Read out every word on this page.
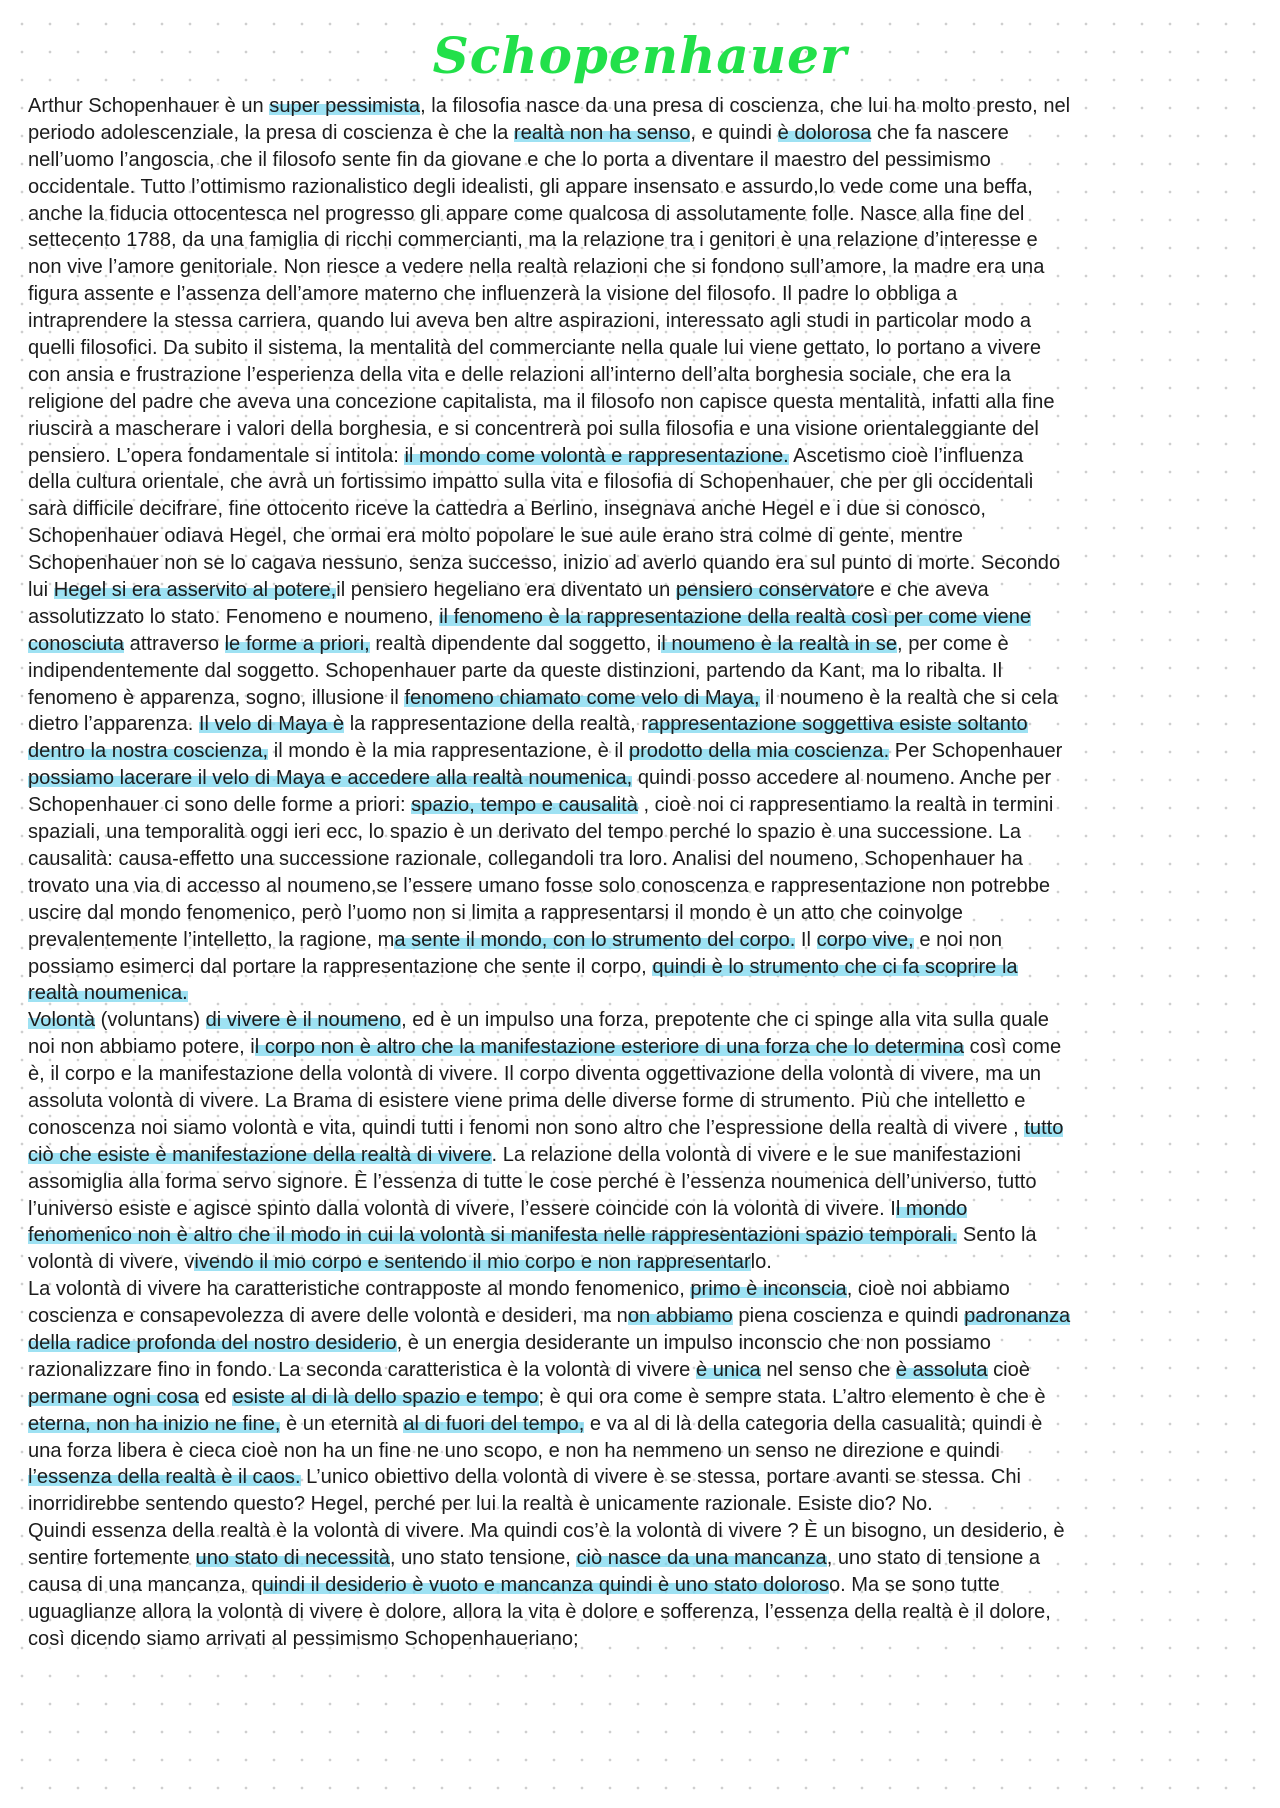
Schopenhauer
Arthur Schopenhauer è un super pessimista, la filosofia nasce da una presa di coscienza, che lui ha molto presto, nel
periodo adolescenziale, la presa di coscienza è che la realtà non ha senso, e quindi è dolorosa che fa nascere
nell’uomo l’angoscia, che il filosofo sente fin da giovane e che lo porta a diventare il maestro del pessimismo
occidentale. Tutto l’ottimismo razionalistico degli idealisti, gli appare insensato e assurdo,lo vede come una beffa,
anche la fiducia ottocentesca nel progresso gli appare come qualcosa di assolutamente folle. Nasce alla fine del
settecento 1788, da una famiglia di ricchi commercianti, ma la relazione tra i genitori è una relazione d’interesse e
non vive l’amore genitoriale. Non riesce a vedere nella realtà relazioni che si fondono sull’amore, la madre era una
figura assente e l’assenza dell’amore materno che influenzerà la visione del filosofo. Il padre lo obbliga a
intraprendere la stessa carriera, quando lui aveva ben altre aspirazioni, interessato agli studi in particolar modo a
quelli filosofici. Da subito il sistema, la mentalità del commerciante nella quale lui viene gettato, lo portano a vivere
con ansia e frustrazione l’esperienza della vita e delle relazioni all’interno dell’alta borghesia sociale, che era la
religione del padre che aveva una concezione capitalista, ma il filosofo non capisce questa mentalità, infatti alla fine
riuscirà a mascherare i valori della borghesia, e si concentrerà poi sulla filosofia e una visione orientaleggiante del
pensiero. L’opera fondamentale si intitola: il mondo come volontà e rappresentazione. Ascetismo cioè l’influenza
della cultura orientale, che avrà un fortissimo impatto sulla vita e filosofia di Schopenhauer, che per gli occidentali
sarà difficile decifrare, fine ottocento riceve la cattedra a Berlino, insegnava anche Hegel e i due si conosco,
Schopenhauer odiava Hegel, che ormai era molto popolare le sue aule erano stra colme di gente, mentre
Schopenhauer non se lo cagava nessuno, senza successo, inizio ad averlo quando era sul punto di morte. Secondo
lui Hegel si era asservito al potere,il pensiero hegeliano era diventato un pensiero conservatore e che aveva
assolutizzato lo stato. Fenomeno e noumeno, il fenomeno è la rappresentazione della realtà così per come viene
conosciuta attraverso le forme a priori, realtà dipendente dal soggetto, il noumeno è la realtà in se, per come è
indipendentemente dal soggetto. Schopenhauer parte da queste distinzioni, partendo da Kant, ma lo ribalta. Il
fenomeno è apparenza, sogno, illusione il fenomeno chiamato come velo di Maya, il noumeno è la realtà che si cela
dietro l’apparenza. Il velo di Maya è la rappresentazione della realtà, rappresentazione soggettiva esiste soltanto
dentro la nostra coscienza, il mondo è la mia rappresentazione, è il prodotto della mia coscienza. Per Schopenhauer
possiamo lacerare il velo di Maya e accedere alla realtà noumenica, quindi posso accedere al noumeno. Anche per
Schopenhauer ci sono delle forme a priori: spazio, tempo e causalità , cioè noi ci rappresentiamo la realtà in termini
spaziali, una temporalità oggi ieri ecc, lo spazio è un derivato del tempo perché lo spazio è una successione. La
causalità: causa-effetto una successione razionale, collegandoli tra loro. Analisi del noumeno, Schopenhauer ha
trovato una via di accesso al noumeno,se l’essere umano fosse solo conoscenza e rappresentazione non potrebbe
uscire dal mondo fenomenico, però l’uomo non si limita a rappresentarsi il mondo è un atto che coinvolge
prevalentemente l’intelletto, la ragione, ma sente il mondo, con lo strumento del corpo. Il corpo vive, e noi non
possiamo esimerci dal portare la rappresentazione che sente il corpo, quindi è lo strumento che ci fa scoprire la
realtà noumenica.
Volontà (voluntans) di vivere è il noumeno, ed è un impulso una forza, prepotente che ci spinge alla vita sulla quale
noi non abbiamo potere, il corpo non è altro che la manifestazione esteriore di una forza che lo determina così come
è, il corpo e la manifestazione della volontà di vivere. Il corpo diventa oggettivazione della volontà di vivere, ma un
assoluta volontà di vivere. La Brama di esistere viene prima delle diverse forme di strumento. Più che intelletto e
conoscenza noi siamo volontà e vita, quindi tutti i fenomi non sono altro che l’espressione della realtà di vivere , tutto
ciò che esiste è manifestazione della realtà di vivere. La relazione della volontà di vivere e le sue manifestazioni
assomiglia alla forma servo signore. È l’essenza di tutte le cose perché è l’essenza noumenica dell’universo, tutto
l’universo esiste e agisce spinto dalla volontà di vivere, l’essere coincide con la volontà di vivere. Il mondo
fenomenico non è altro che il modo in cui la volontà si manifesta nelle rappresentazioni spazio temporali. Sento la
volontà di vivere, vivendo il mio corpo e sentendo il mio corpo e non rappresentarlo.
La volontà di vivere ha caratteristiche contrapposte al mondo fenomenico, primo è inconscia, cioè noi abbiamo
coscienza e consapevolezza di avere delle volontà e desideri, ma non abbiamo piena coscienza e quindi padronanza
della radice profonda del nostro desiderio, è un energia desiderante un impulso inconscio che non possiamo
razionalizzare fino in fondo. La seconda caratteristica è la volontà di vivere è unica nel senso che è assoluta cioè
permane ogni cosa ed esiste al di là dello spazio e tempo; è qui ora come è sempre stata. L’altro elemento è che è
eterna, non ha inizio ne fine, è un eternità al di fuori del tempo, e va al di là della categoria della casualità; quindi è
una forza libera è cieca cioè non ha un fine ne uno scopo, e non ha nemmeno un senso ne direzione e quindi
l’essenza della realtà è il caos. L’unico obiettivo della volontà di vivere è se stessa, portare avanti se stessa. Chi
inorridirebbe sentendo questo? Hegel, perché per lui la realtà è unicamente razionale. Esiste dio? No.
Quindi essenza della realtà è la volontà di vivere. Ma quindi cos’è la volontà di vivere ? È un bisogno, un desiderio, è
sentire fortemente uno stato di necessità, uno stato tensione, ciò nasce da una mancanza, uno stato di tensione a
causa di una mancanza, quindi il desiderio è vuoto e mancanza quindi è uno stato doloroso. Ma se sono tutte
uguaglianze allora la volontà di vivere è dolore, allora la vita è dolore e sofferenza, l’essenza della realtà è il dolore,
così dicendo siamo arrivati al pessimismo Schopenhaueriano;
